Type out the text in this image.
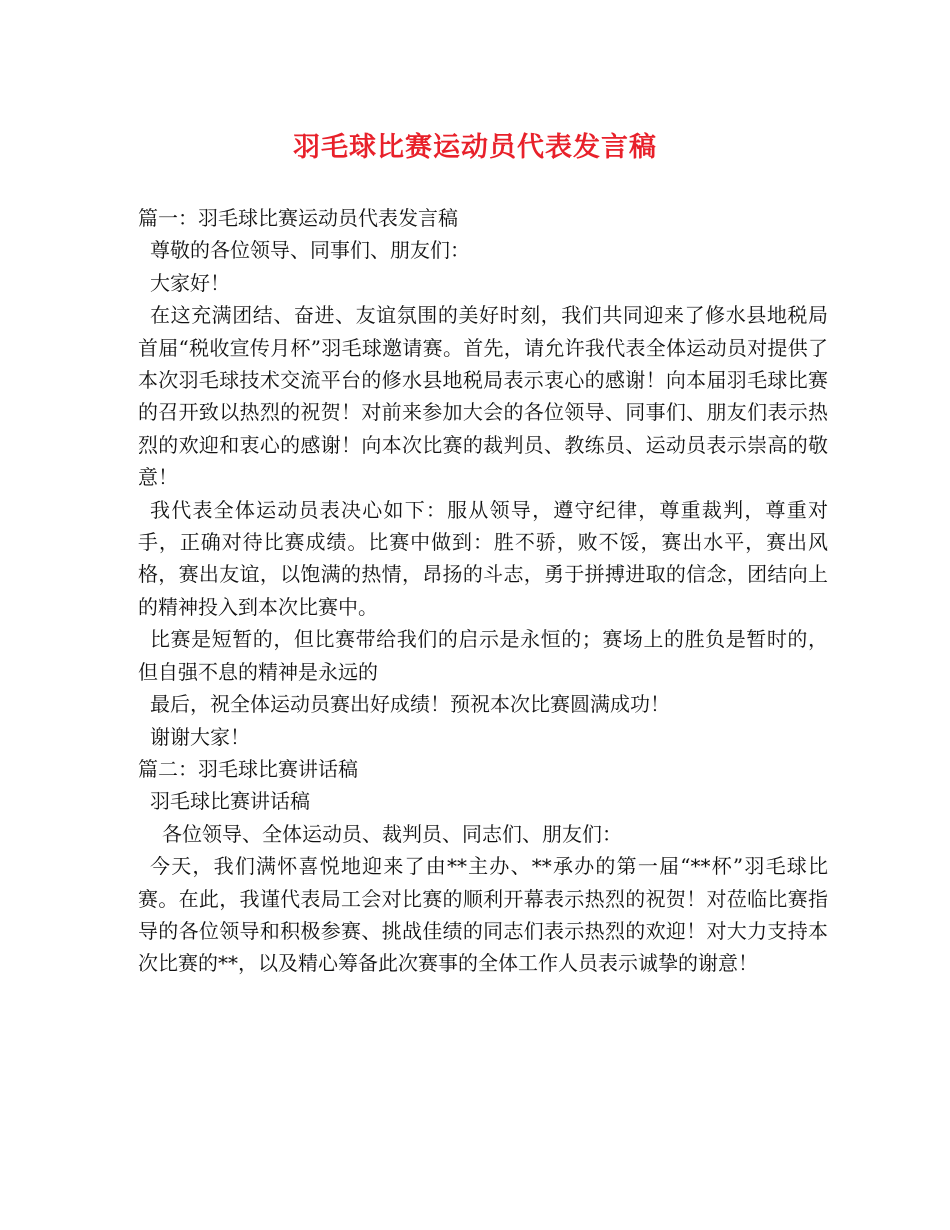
羽毛球比赛运动员代表发言稿

篇一：羽毛球比赛运动员代表发言稿

尊敬的各位领导、同事们、朋友们：

大家好！

在这充满团结、奋进、友谊氛围的美好时刻，我们共同迎来了修水县地税局首届“税收宣传月杯”羽毛球邀请赛。首先，请允许我代表全体运动员对提供了本次羽毛球技术交流平台的修水县地税局表示衷心的感谢！向本届羽毛球比赛的召开致以热烈的祝贺！对前来参加大会的各位领导、同事们、朋友们表示热烈的欢迎和衷心的感谢！向本次比赛的裁判员、教练员、运动员表示崇高的敬意！

我代表全体运动员表决心如下：服从领导，遵守纪律，尊重裁判，尊重对手，正确对待比赛成绩。比赛中做到：胜不骄，败不馁，赛出水平，赛出风格，赛出友谊，以饱满的热情，昂扬的斗志，勇于拼搏进取的信念，团结向上的精神投入到本次比赛中。

比赛是短暂的，但比赛带给我们的启示是永恒的；赛场上的胜负是暂时的，但自强不息的精神是永远的

最后，祝全体运动员赛出好成绩！预祝本次比赛圆满成功！

谢谢大家！

篇二：羽毛球比赛讲话稿

羽毛球比赛讲话稿

各位领导、全体运动员、裁判员、同志们、朋友们：

今天，我们满怀喜悦地迎来了由**主办、**承办的第一届“**杯”羽毛球比赛。在此，我谨代表局工会对比赛的顺利开幕表示热烈的祝贺！对莅临比赛指导的各位领导和积极参赛、挑战佳绩的同志们表示热烈的欢迎！对大力支持本次比赛的**，以及精心筹备此次赛事的全体工作人员表示诚挚的谢意！
